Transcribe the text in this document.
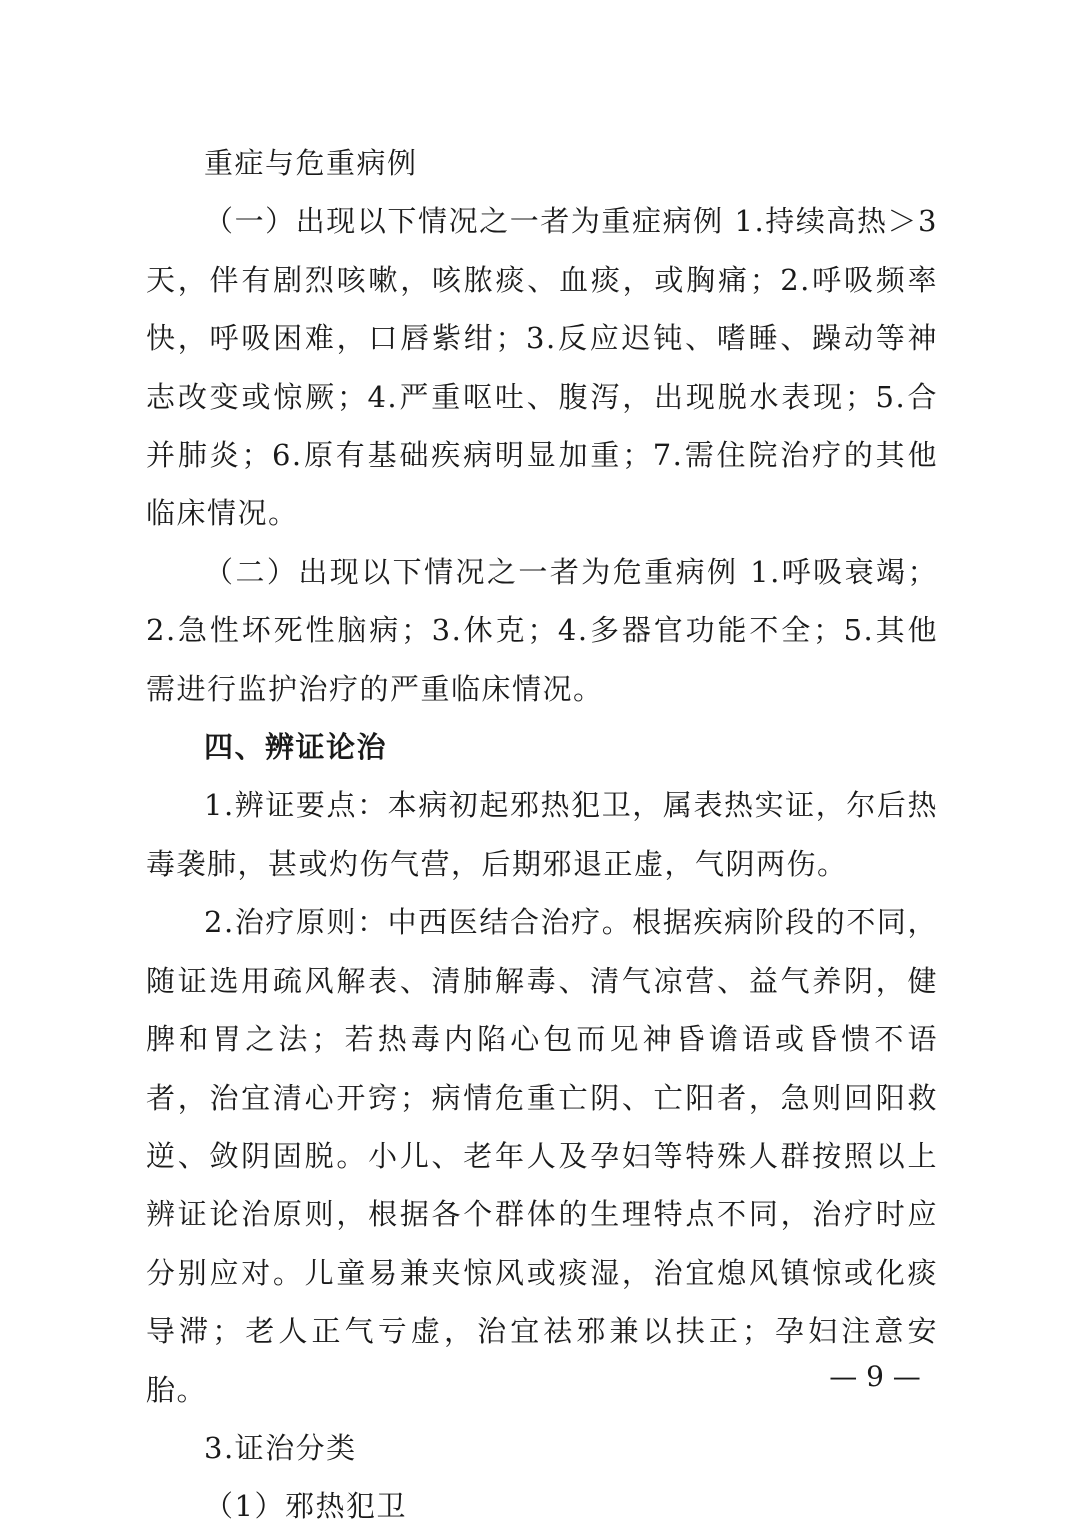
重症与危重病例

（一）出现以下情况之一者为重症病例 1.持续高热＞3天，伴有剧烈咳嗽，咳脓痰、血痰，或胸痛；2.呼吸频率快，呼吸困难，口唇紫绀；3.反应迟钝、嗜睡、躁动等神志改变或惊厥；4.严重呕吐、腹泻，出现脱水表现；5.合并肺炎；6.原有基础疾病明显加重；7.需住院治疗的其他临床情况。

（二）出现以下情况之一者为危重病例 1.呼吸衰竭；2.急性坏死性脑病；3.休克；4.多器官功能不全；5.其他需进行监护治疗的严重临床情况。

四、辨证论治

1.辨证要点：本病初起邪热犯卫，属表热实证，尔后热毒袭肺，甚或灼伤气营，后期邪退正虚，气阴两伤。

2.治疗原则：中西医结合治疗。根据疾病阶段的不同，随证选用疏风解表、清肺解毒、清气凉营、益气养阴，健脾和胃之法；若热毒内陷心包而见神昏谵语或昏愦不语者，治宜清心开窍；病情危重亡阴、亡阳者，急则回阳救逆、敛阴固脱。小儿、老年人及孕妇等特殊人群按照以上辨证论治原则，根据各个群体的生理特点不同，治疗时应分别应对。儿童易兼夹惊风或痰湿，治宜熄风镇惊或化痰导滞；老人正气亏虚，治宜祛邪兼以扶正；孕妇注意安胎。

3.证治分类

（1）邪热犯卫

— 9 —
